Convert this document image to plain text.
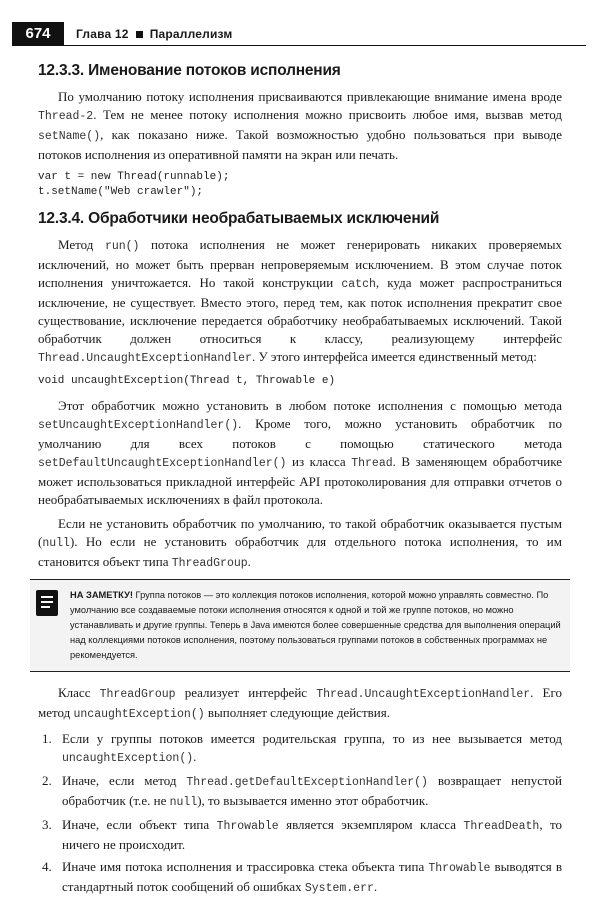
674	Глава 12 Параллелизм
12.3.3. Именование потоков исполнения

По умолчанию потоку исполнения присваиваются привлекающие внимание имена вроде Thread-2. Тем не менее потоку исполнения можно присвоить любое имя, вызвав метод setName(), как показано ниже. Такой возможностью удобно пользоваться при выводе потоков исполнения из оперативной памяти на экран или печать.

var t = new Thread(runnable);
t.setName("Web crawler");
12.3.4. Обработчики необрабатываемых исключений

Метод run() потока исполнения не может генерировать никаких проверяемых исключений, но может быть прерван непроверяемым исключением. В этом случае поток исполнения уничтожается. Но такой конструкции catch, куда может распространиться исключение, не существует. Вместо этого, перед тем, как поток исполнения прекратит свое существование, исключение передается обработчику необрабатываемых исключений. Такой обработчик должен относиться к классу, реализующему интерфейс Thread.UncaughtExceptionHandler. У этого интерфейса имеется единственный метод:

void uncaughtException(Thread t, Throwable e)

Этот обработчик можно установить в любом потоке исполнения с помощью метода setUncaughtExceptionHandler(). Кроме того, можно установить обработчик по умолчанию для всех потоков с помощью статического метода setDefaultUncaughtExceptionHandler() из класса Thread. В заменяющем обработчике может использоваться прикладной интерфейс API протоколирования для отправки отчетов о необрабатываемых исключениях в файл протокола.

Если не установить обработчик по умолчанию, то такой обработчик оказывается пустым (null). Но если не установить обработчик для отдельного потока исполнения, то им становится объект типа ThreadGroup.

НА ЗАМЕТКУ! Группа потоков — это коллекция потоков исполнения, которой можно управлять совместно. По умолчанию все создаваемые потоки исполнения относятся к одной и той же группе потоков, но можно устанавливать и другие группы. Теперь в Java имеются более совершенные средства для выполнения операций над коллекциями потоков исполнения, поэтому пользоваться группами потоков в собственных программах не рекомендуется.

Класс ThreadGroup реализует интерфейс Thread.UncaughtExceptionHandler. Его метод uncaughtException() выполняет следующие действия.

1. Если у группы потоков имеется родительская группа, то из нее вызывается метод uncaughtException().
2. Иначе, если метод Thread.getDefaultExceptionHandler() возвращает непустой обработчик (т.е. не null), то вызывается именно этот обработчик.
3. Иначе, если объект типа Throwable является экземпляром класса ThreadDeath, то ничего не происходит.
4. Иначе имя потока исполнения и трассировка стека объекта типа Throwable выводятся в стандартный поток сообщений об ошибках System.err.
